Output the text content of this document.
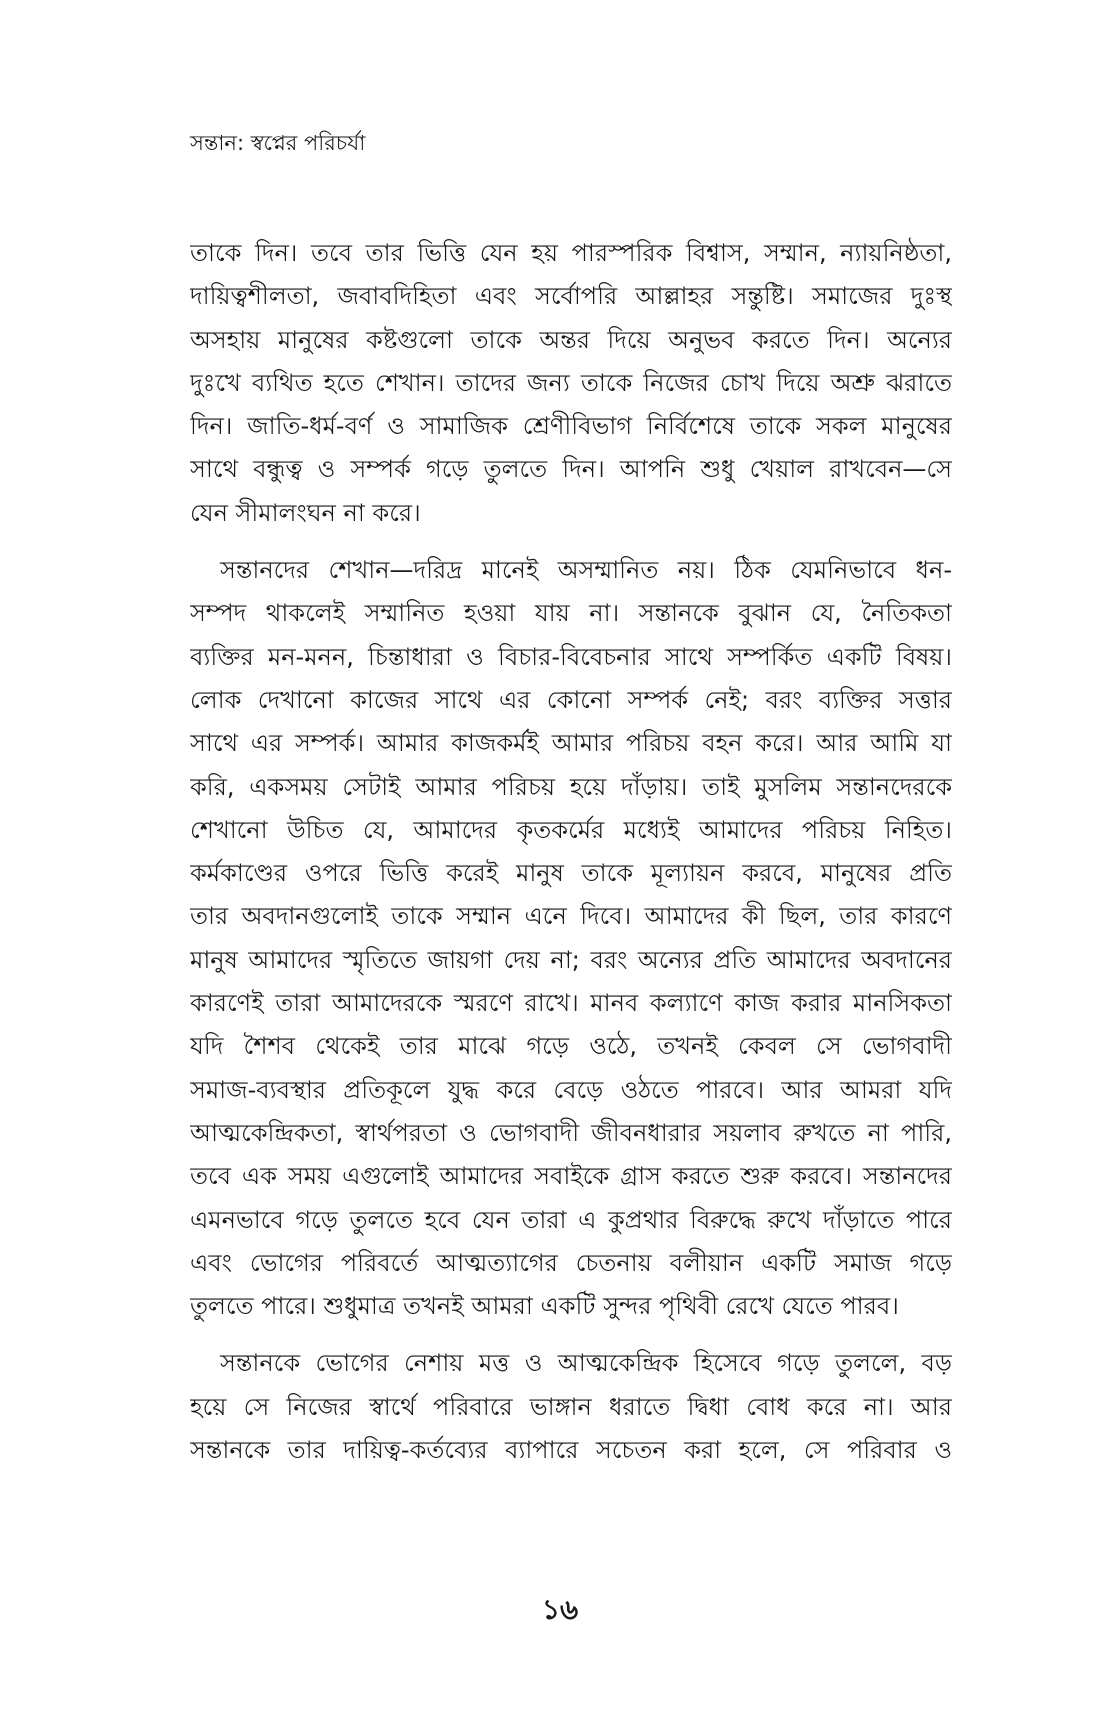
সন্তান: স্বপ্নের পরিচর্যা

তাকে দিন। তবে তার ভিত্তি যেন হয় পারস্পরিক বিশ্বাস, সম্মান, ন্যায়নিষ্ঠতা,
দায়িত্বশীলতা, জবাবদিহিতা এবং সর্বোপরি আল্লাহর সন্তুষ্টি। সমাজের দুঃস্থ
অসহায় মানুষের কষ্টগুলো তাকে অন্তর দিয়ে অনুভব করতে দিন। অন্যের
দুঃখে ব্যথিত হতে শেখান। তাদের জন্য তাকে নিজের চোখ দিয়ে অশ্রু ঝরাতে
দিন। জাতি-ধর্ম-বর্ণ ও সামাজিক শ্রেণীবিভাগ নির্বিশেষে তাকে সকল মানুষের
সাথে বন্ধুত্ব ও সম্পর্ক গড়ে তুলতে দিন। আপনি শুধু খেয়াল রাখবেন—সে
যেন সীমালংঘন না করে।

সন্তানদের শেখান—দরিদ্র মানেই অসম্মানিত নয়। ঠিক যেমনিভাবে ধন-
সম্পদ থাকলেই সম্মানিত হওয়া যায় না। সন্তানকে বুঝান যে, নৈতিকতা
ব্যক্তির মন-মনন, চিন্তাধারা ও বিচার-বিবেচনার সাথে সম্পর্কিত একটি বিষয়।
লোক দেখানো কাজের সাথে এর কোনো সম্পর্ক নেই; বরং ব্যক্তির সত্তার
সাথে এর সম্পর্ক। আমার কাজকর্মই আমার পরিচয় বহন করে। আর আমি যা
করি, একসময় সেটাই আমার পরিচয় হয়ে দাঁড়ায়। তাই মুসলিম সন্তানদেরকে
শেখানো উচিত যে, আমাদের কৃতকর্মের মধ্যেই আমাদের পরিচয় নিহিত।
কর্মকাণ্ডের ওপরে ভিত্তি করেই মানুষ তাকে মূল্যায়ন করবে, মানুষের প্রতি
তার অবদানগুলোই তাকে সম্মান এনে দিবে। আমাদের কী ছিল, তার কারণে
মানুষ আমাদের স্মৃতিতে জায়গা দেয় না; বরং অন্যের প্রতি আমাদের অবদানের
কারণেই তারা আমাদেরকে স্মরণে রাখে। মানব কল্যাণে কাজ করার মানসিকতা
যদি শৈশব থেকেই তার মাঝে গড়ে ওঠে, তখনই কেবল সে ভোগবাদী
সমাজ-ব্যবস্থার প্রতিকূলে যুদ্ধ করে বেড়ে ওঠতে পারবে। আর আমরা যদি
আত্মকেন্দ্রিকতা, স্বার্থপরতা ও ভোগবাদী জীবনধারার সয়লাব রুখতে না পারি,
তবে এক সময় এগুলোই আমাদের সবাইকে গ্রাস করতে শুরু করবে। সন্তানদের
এমনভাবে গড়ে তুলতে হবে যেন তারা এ কুপ্রথার বিরুদ্ধে রুখে দাঁড়াতে পারে
এবং ভোগের পরিবর্তে আত্মত্যাগের চেতনায় বলীয়ান একটি সমাজ গড়ে
তুলতে পারে। শুধুমাত্র তখনই আমরা একটি সুন্দর পৃথিবী রেখে যেতে পারব।

সন্তানকে ভোগের নেশায় মত্ত ও আত্মকেন্দ্রিক হিসেবে গড়ে তুললে, বড়
হয়ে সে নিজের স্বার্থে পরিবারে ভাঙ্গান ধরাতে দ্বিধা বোধ করে না। আর
সন্তানকে তার দায়িত্ব-কর্তব্যের ব্যাপারে সচেতন করা হলে, সে পরিবার ও

১৬
